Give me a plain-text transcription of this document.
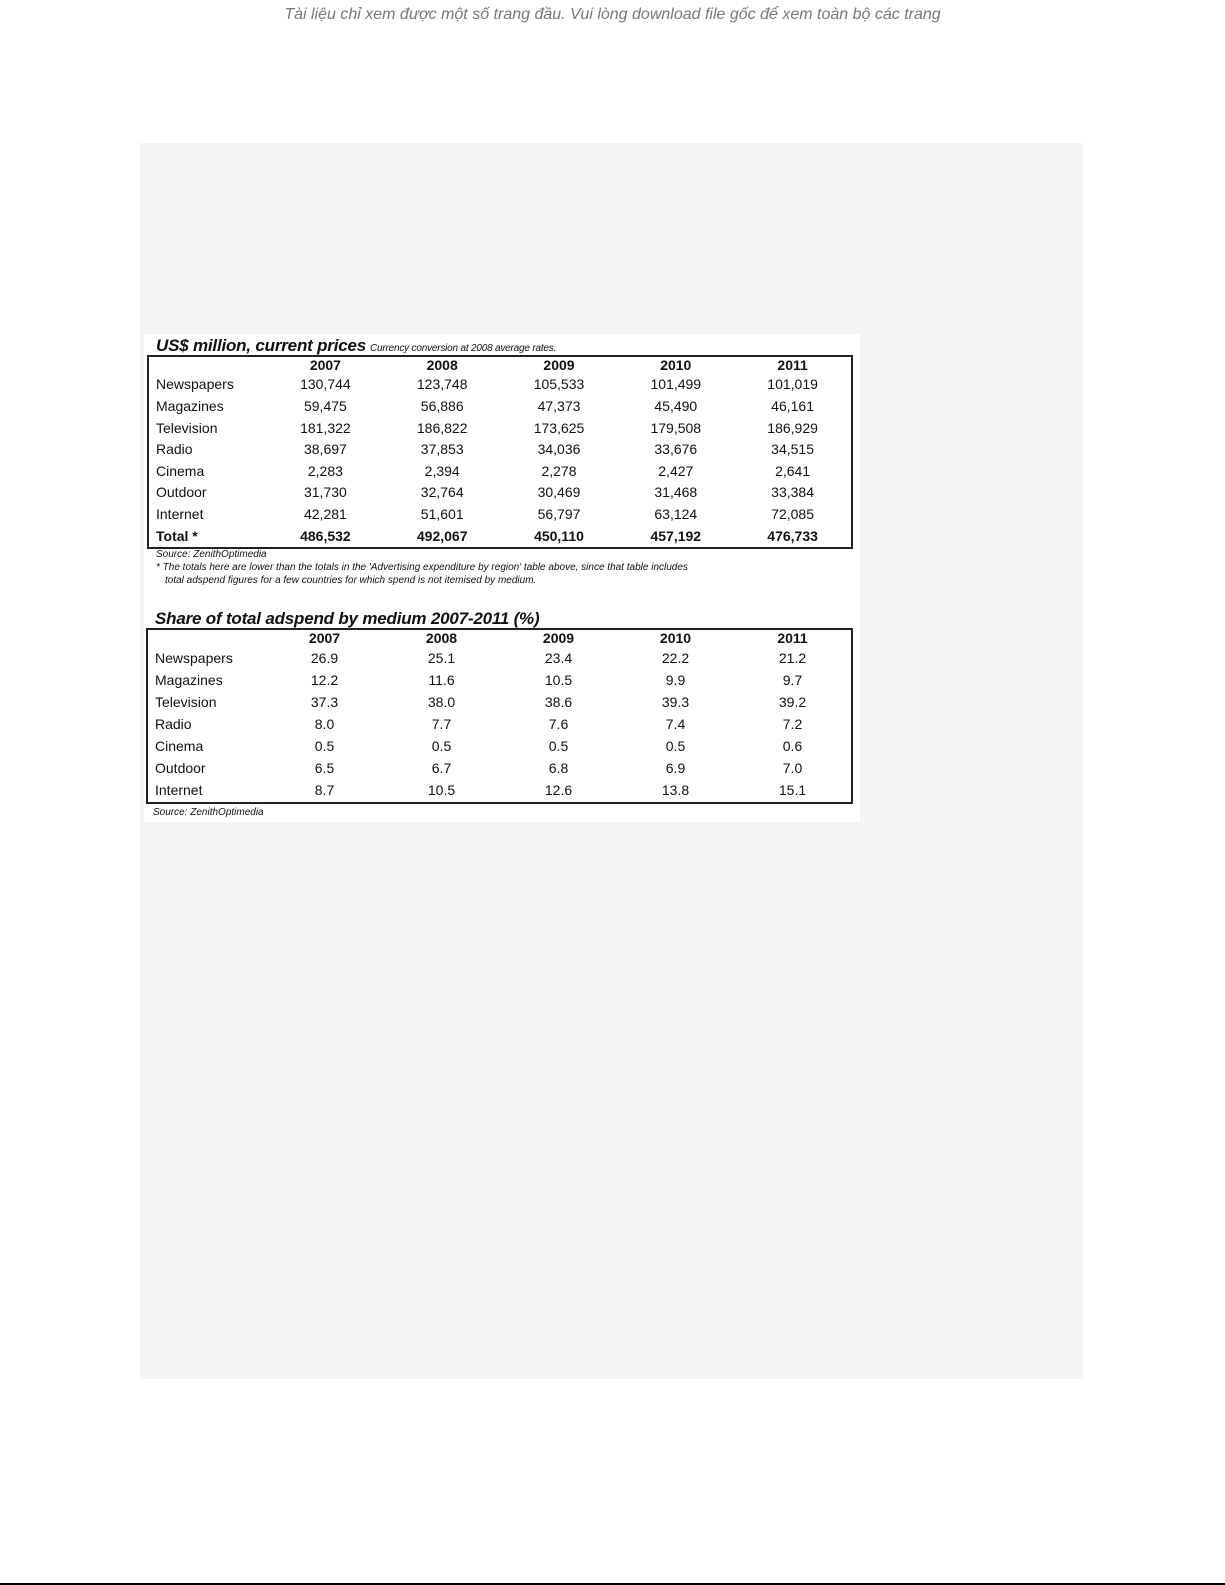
Tài liệu chỉ xem được một số trang đầu. Vui lòng download file gốc để xem toàn bộ các trang
US$ million, current prices Currency conversion at 2008 average rates.
	2007	2008	2009	2010	2011
Newspapers	130,744	123,748	105,533	101,499	101,019
Magazines	59,475	56,886	47,373	45,490	46,161
Television	181,322	186,822	173,625	179,508	186,929
Radio	38,697	37,853	34,036	33,676	34,515
Cinema	2,283	2,394	2,278	2,427	2,641
Outdoor	31,730	32,764	30,469	31,468	33,384
Internet	42,281	51,601	56,797	63,124	72,085
Total *	486,532	492,067	450,110	457,192	476,733
Source: ZenithOptimedia
* The totals here are lower than the totals in the 'Advertising expenditure by region' table above, since that table includes
total adspend figures for a few countries for which spend is not itemised by medium.
Share of total adspend by medium 2007-2011 (%)
	2007	2008	2009	2010	2011
Newspapers	26.9	25.1	23.4	22.2	21.2
Magazines	12.2	11.6	10.5	9.9	9.7
Television	37.3	38.0	38.6	39.3	39.2
Radio	8.0	7.7	7.6	7.4	7.2
Cinema	0.5	0.5	0.5	0.5	0.6
Outdoor	6.5	6.7	6.8	6.9	7.0
Internet	8.7	10.5	12.6	13.8	15.1
Source: ZenithOptimedia
